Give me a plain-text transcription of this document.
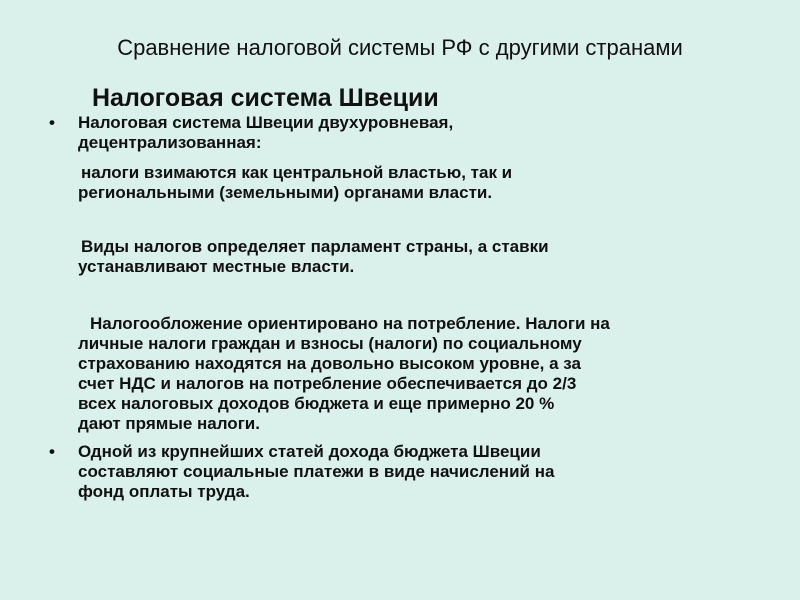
Сравнение налоговой системы РФ с другими странами
Налоговая система Швеции
• Налоговая система Швеции двухуровневая,
децентрализованная:

налоги взимаются как центральной властью, так и
региональными (земельными) органами власти.

Виды налогов определяет парламент страны, а ставки
устанавливают местные власти.

Налогообложение ориентировано на потребление. Налоги на
личные налоги граждан и взносы (налоги) по социальному
страхованию находятся на довольно высоком уровне, а за
счет НДС и налогов на потребление обеспечивается до 2/3
всех налоговых доходов бюджета и еще примерно 20 %
дают прямые налоги.

• Одной из крупнейших статей дохода бюджета Швеции
составляют социальные платежи в виде начислений на
фонд оплаты труда.
